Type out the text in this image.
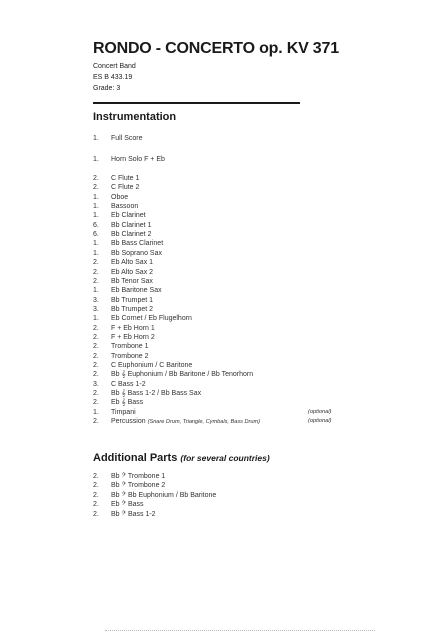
RONDO - CONCERTO op. KV 371
Concert Band
ES B 433.19
Grade: 3
Instrumentation
1. Full Score
1. Horn Solo F + Eb
2. C Flute 1
2. C Flute 2
1. Oboe
1. Bassoon
1. Eb Clarinet
6. Bb Clarinet 1
6. Bb Clarinet 2
1. Bb Bass Clarinet
1. Bb Soprano Sax
2. Eb Alto Sax 1
2. Eb Alto Sax 2
2. Bb Tenor Sax
1. Eb Baritone Sax
3. Bb Trumpet 1
3. Bb Trumpet 2
1. Eb Cornet / Eb Flugelhorn
2. F + Eb Horn 1
2. F + Eb Horn 2
2. Trombone 1
2. Trombone 2
2. C Euphonium / C Baritone
2. Bb 𝄞 Euphonium / Bb Baritone / Bb Tenorhorn
3. C Bass 1-2
2. Bb 𝄞 Bass 1-2 / Bb Bass Sax
2. Eb 𝄞 Bass
1. Timpani	(optional)
2. Percussion (Snare Drum, Triangle, Cymbals, Bass Drum)	(optional)
Additional Parts (for several countries)
2. Bb 𝄢 Trombone 1
2. Bb 𝄢 Trombone 2
2. Bb 𝄢 Bb Euphonium / Bb Baritone
2. Eb 𝄢 Bass
2. Bb 𝄢 Bass 1-2
